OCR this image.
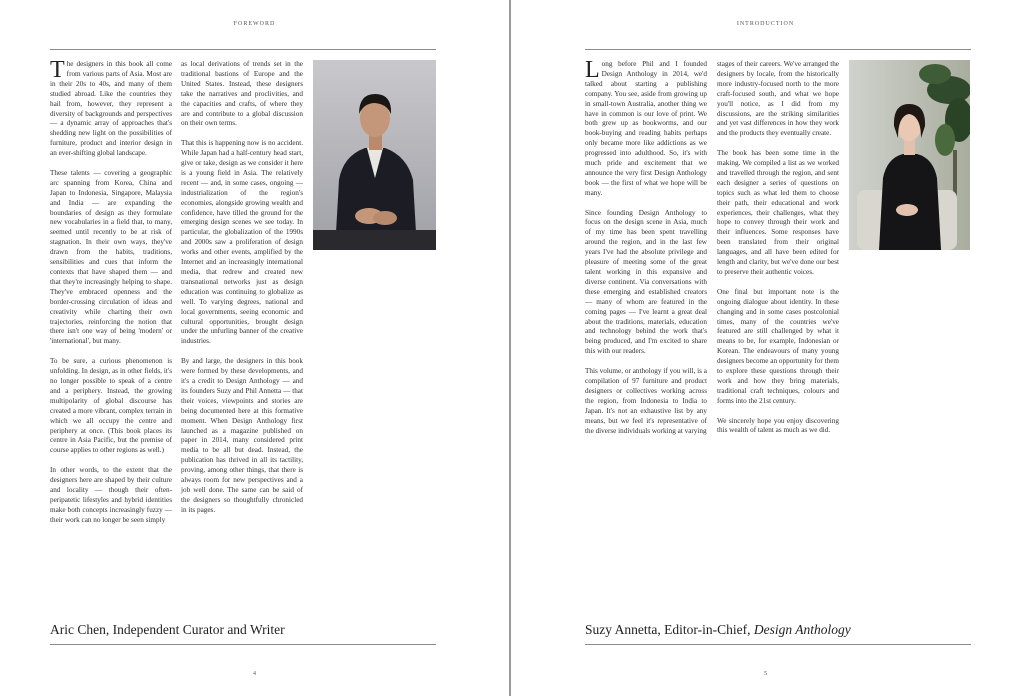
FOREWORD

The designers in this book all come from various parts of Asia. Most are in their 20s to 40s, and many of them studied abroad. Like the countries they hail from, however, they represent a diversity of backgrounds and perspectives — a dynamic array of approaches that's shedding new light on the possibilities of furniture, product and interior design in an ever-shifting global landscape.

These talents — covering a geographic arc spanning from Korea, China and Japan to Indonesia, Singapore, Malaysia and India — are expanding the boundaries of design as they formulate new vocabularies in a field that, to many, seemed until recently to be at risk of stagnation. In their own ways, they've drawn from the habits, traditions, sensibilities and cues that inform the contexts that have shaped them — and that they're increasingly helping to shape. They've embraced openness and the border-crossing circulation of ideas and creativity while charting their own trajectories, reinforcing the notion that there isn't one way of being 'modern' or 'international', but many.

To be sure, a curious phenomenon is unfolding. In design, as in other fields, it's no longer possible to speak of a centre and a periphery. Instead, the growing multipolarity of global discourse has created a more vibrant, complex terrain in which we all occupy the centre and periphery at once. (This book places its centre in Asia Pacific, but the premise of course applies to other regions as well.)

In other words, to the extent that the designers here are shaped by their culture and locality — though their often-peripatetic lifestyles and hybrid identities make both concepts increasingly fuzzy — their work can no longer be seen simply

as local derivations of trends set in the traditional bastions of Europe and the United States. Instead, these designers take the narratives and proclivities, and the capacities and crafts, of where they are and contribute to a global discussion on their own terms.

That this is happening now is no accident. While Japan had a half-century head start, give or take, design as we consider it here is a young field in Asia. The relatively recent — and, in some cases, ongoing — industrialization of the region's economies, alongside growing wealth and confidence, have tilled the ground for the emerging design scenes we see today. In particular, the globalization of the 1990s and 2000s saw a proliferation of design works and other events, amplified by the Internet and an increasingly international media, that redrew and created new transnational networks just as design education was continuing to globalize as well. To varying degrees, national and local governments, seeing economic and cultural opportunities, brought design under the unfurling banner of the creative industries.

By and large, the designers in this book were formed by these developments, and it's a credit to Design Anthology — and its founders Suzy and Phil Annetta — that their voices, viewpoints and stories are being documented here at this formative moment. When Design Anthology first launched as a magazine published on paper in 2014, many considered print media to be all but dead. Instead, the publication has thrived in all its tactility, proving, among other things, that there is always room for new perspectives and a job well done. The same can be said of the designers so thoughtfully chronicled in its pages.

Aric Chen, Independent Curator and Writer
4
INTRODUCTION

Long before Phil and I founded Design Anthology in 2014, we'd talked about starting a publishing company. You see, aside from growing up in small-town Australia, another thing we have in common is our love of print. We both grew up as bookworms, and our book-buying and reading habits perhaps only became more like addictions as we progressed into adulthood. So, it's with much pride and excitement that we announce the very first Design Anthology book — the first of what we hope will be many.

Since founding Design Anthology to focus on the design scene in Asia, much of my time has been spent travelling around the region, and in the last few years I've had the absolute privilege and pleasure of meeting some of the great talent working in this expansive and diverse continent. Via conversations with these emerging and established creators — many of whom are featured in the coming pages — I've learnt a great deal about the traditions, materials, education and technology behind the work that's being produced, and I'm excited to share this with our readers.

This volume, or anthology if you will, is a compilation of 97 furniture and product designers or collectives working across the region, from Indonesia to India to Japan. It's not an exhaustive list by any means, but we feel it's representative of the diverse individuals working at varying

stages of their careers. We've arranged the designers by locale, from the historically more industry-focused north to the more craft-focused south, and what we hope you'll notice, as I did from my discussions, are the striking similarities and yet vast differences in how they work and the products they eventually create.

The book has been some time in the making. We compiled a list as we worked and travelled through the region, and sent each designer a series of questions on topics such as what led them to choose their path, their educational and work experiences, their challenges, what they hope to convey through their work and their influences. Some responses have been translated from their original languages, and all have been edited for length and clarity, but we've done our best to preserve their authentic voices.

One final but important note is the ongoing dialogue about identity. In these changing and in some cases postcolonial times, many of the countries we've featured are still challenged by what it means to be, for example, Indonesian or Korean. The endeavours of many young designers become an opportunity for them to explore these questions through their work and how they bring materials, traditional craft techniques, colours and forms into the 21st century.

We sincerely hope you enjoy discovering this wealth of talent as much as we did.

Suzy Annetta, Editor-in-Chief, Design Anthology
5
